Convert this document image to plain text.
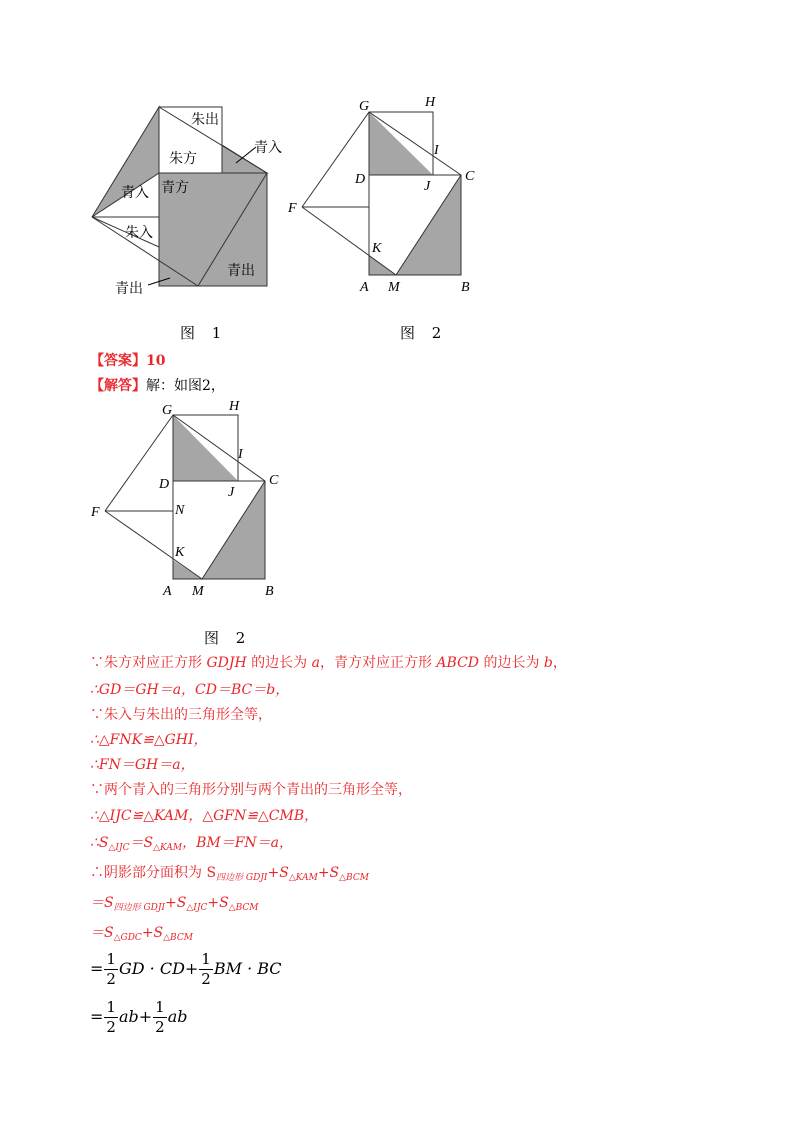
朱出
朱方
青入
青入 青方
朱入
青出
青出
图 1
G	H
I
C
D	J
F
K
A M	B
图 2
【答案】10
【解答】解：如图2，
G	H
I
C
D
J
F	N
K
A M	B
图 2
∵朱方对应正方形 GDJH 的边长为 a，青方对应正方形 ABCD 的边长为 b，
∴GD＝GH＝a，CD＝BC＝b，
∵朱入与朱出的三角形全等，
∴△FNK≌△GHI，
∴FN＝GH＝a，
∵两个青入的三角形分别与两个青出的三角形全等，
∴△IJC≌△KAM，△GFN≌△CMB，
$\therefore S_{\triangle IJC}=S_{\triangle KAM}$，BM＝FN＝a，
∴阴影部分面积为 $S_{四边形 GDJI}+S_{\triangle KAM}+S_{\triangle BCM}$
$=S_{四边形 GDJI}+S_{\triangle IJC}+S_{\triangle BCM}$
$=S_{\triangle GDC}+S_{\triangle BCM}$
= $\frac{1}{2}$ GD · $CD+ \frac{1}{2}$ BM · BC
= $\frac{1}{2} ab+ \frac{1}{2}$ ab
